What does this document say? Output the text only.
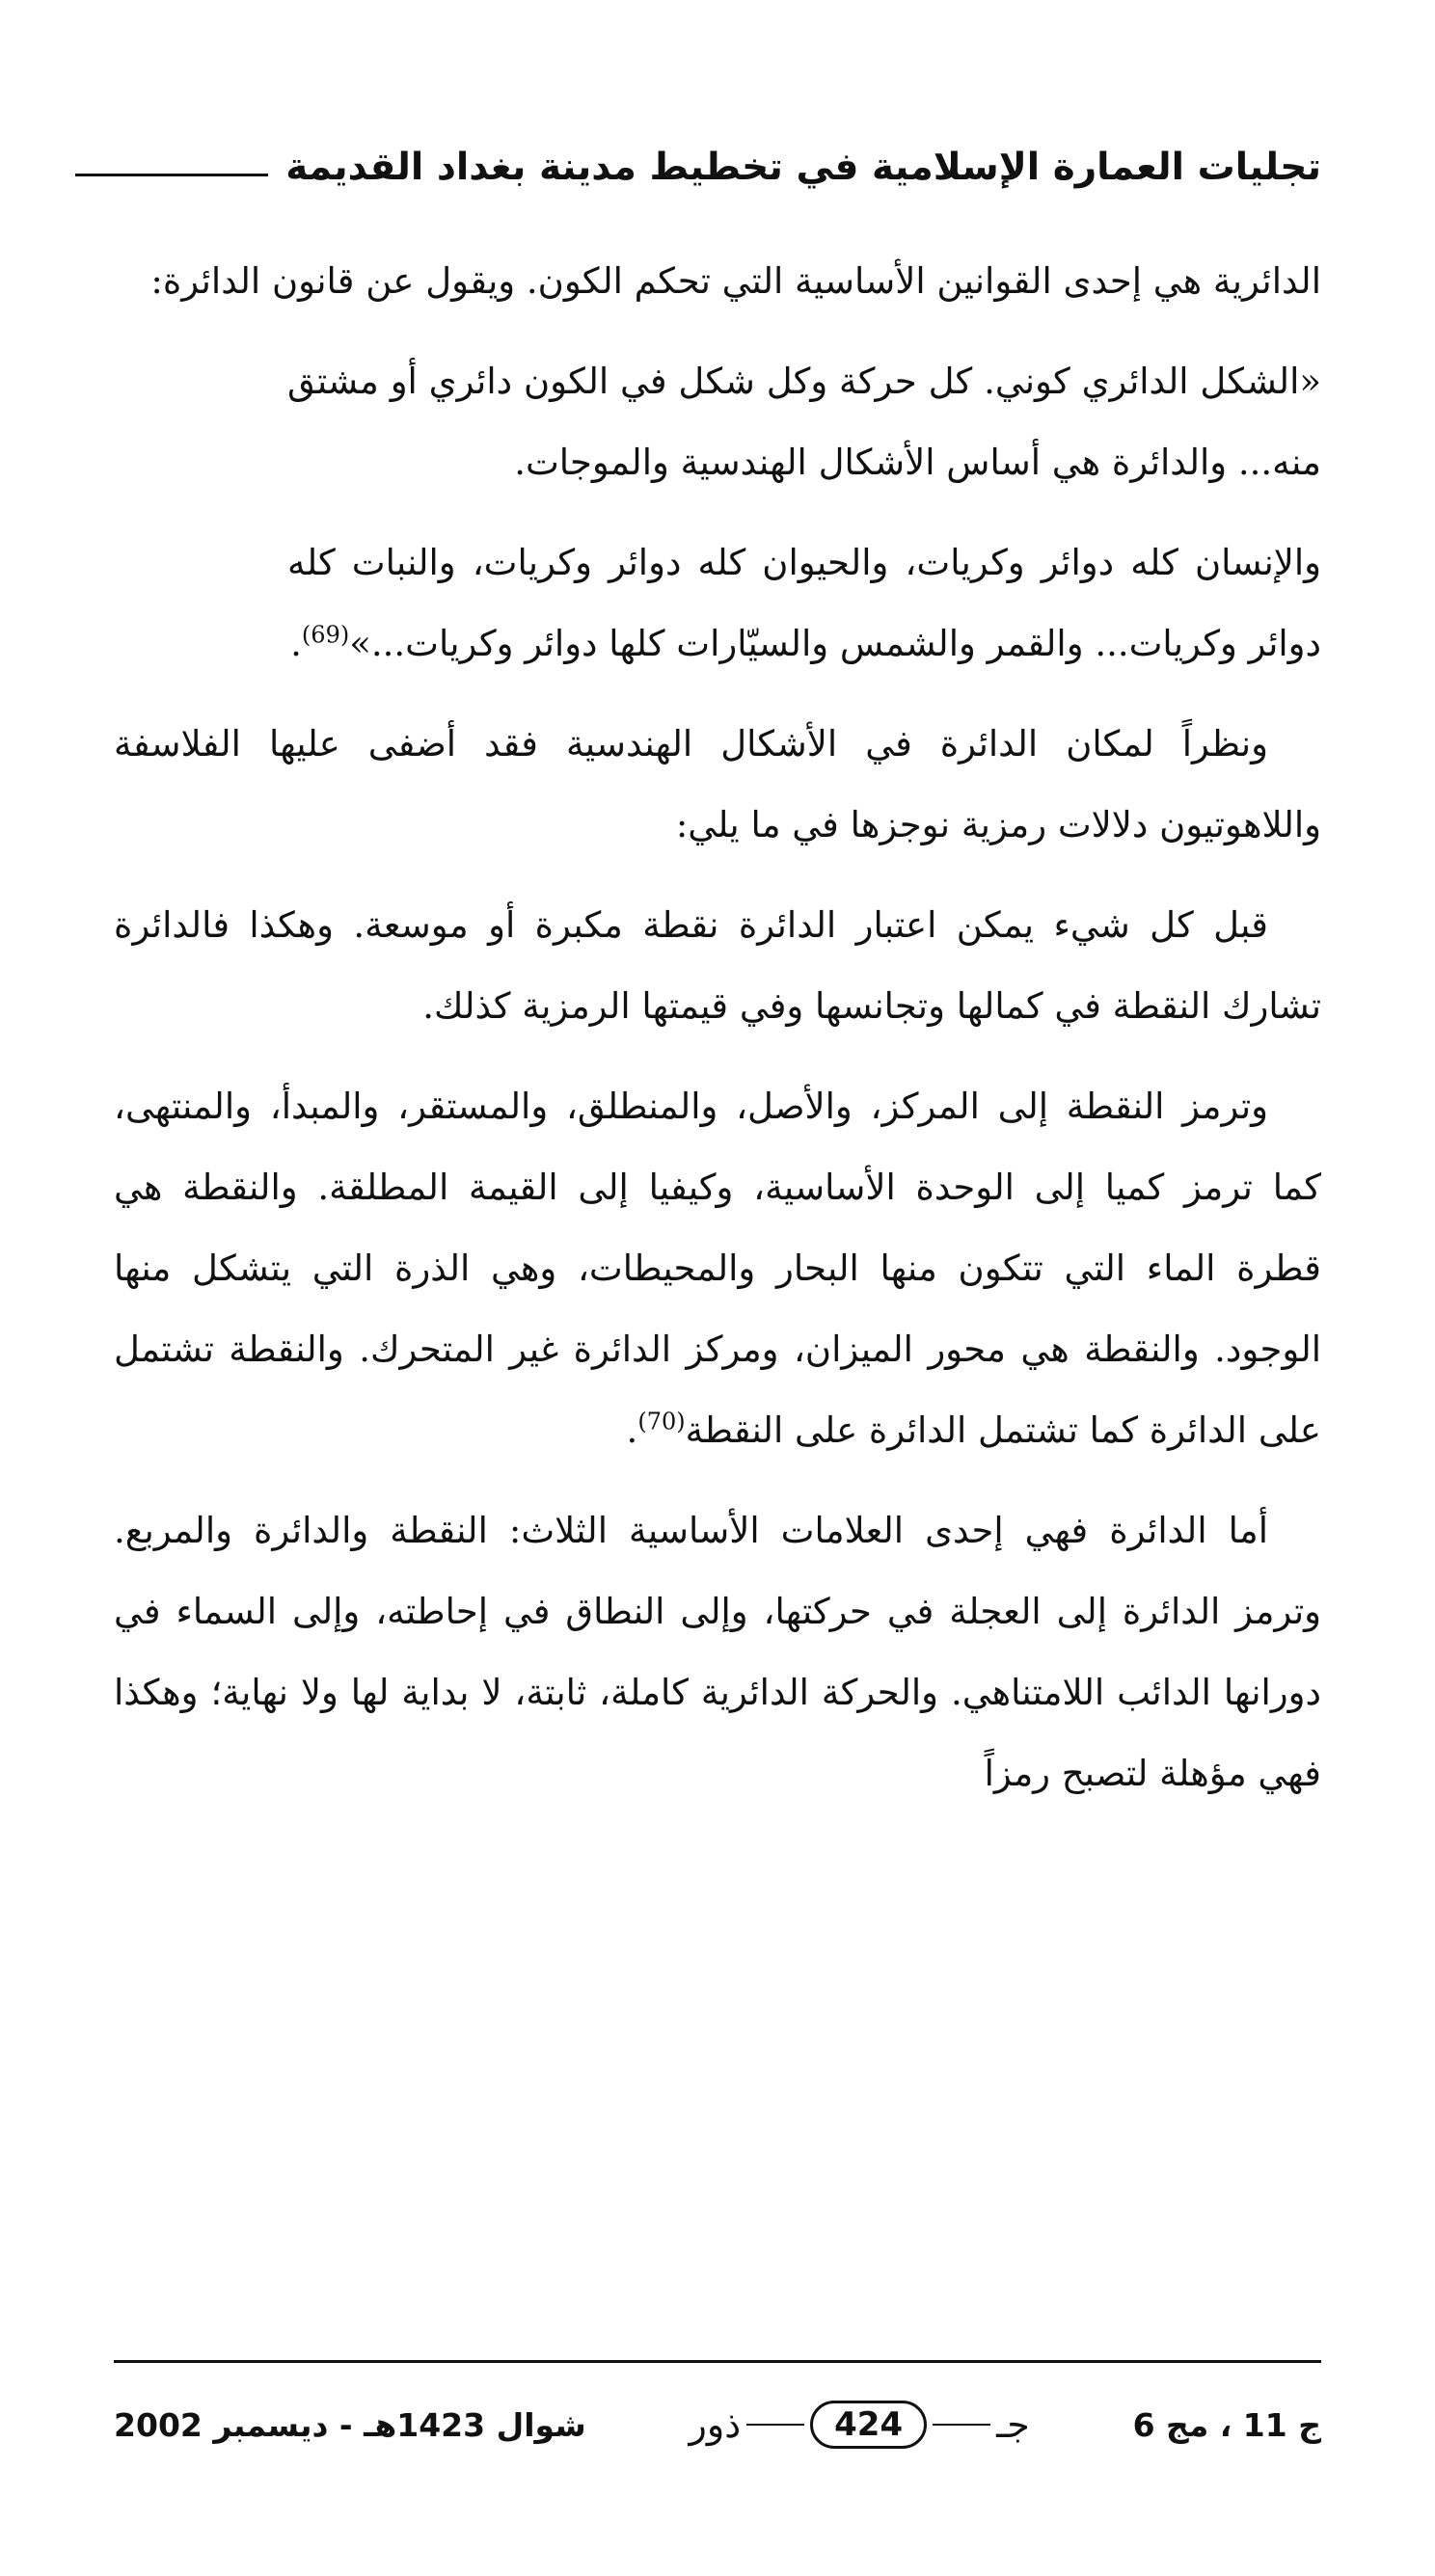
تجليات العمارة الإسلامية في تخطيط مدينة بغداد القديمة

الدائرية هي إحدى القوانين الأساسية التي تحكم الكون. ويقول عن قانون الدائرة:

«الشكل الدائري كوني. كل حركة وكل شكل في الكون دائري أو مشتق منه... والدائرة هي أساس الأشكال الهندسية والموجات.

والإنسان كله دوائر وكريات، والحيوان كله دوائر وكريات، والنبات كله دوائر وكريات... والقمر والشمس والسيّارات كلها دوائر وكريات...»$^{(69)}$.

ونظراً لمكان الدائرة في الأشكال الهندسية فقد أضفى عليها الفلاسفة واللاهوتيون دلالات رمزية نوجزها في ما يلي:

قبل كل شيء يمكن اعتبار الدائرة نقطة مكبرة أو موسعة. وهكذا فالدائرة تشارك النقطة في كمالها وتجانسها وفي قيمتها الرمزية كذلك.

وترمز النقطة إلى المركز، والأصل، والمنطلق، والمستقر، والمبدأ، والمنتهى، كما ترمز كميا إلى الوحدة الأساسية، وكيفيا إلى القيمة المطلقة. والنقطة هي قطرة الماء التي تتكون منها البحار والمحيطات، وهي الذرة التي يتشكل منها الوجود. والنقطة هي محور الميزان، ومركز الدائرة غير المتحرك. والنقطة تشتمل على الدائرة كما تشتمل الدائرة على النقطة$^{(70)}$.

أما الدائرة فهي إحدى العلامات الأساسية الثلاث: النقطة والدائرة والمربع. وترمز الدائرة إلى العجلة في حركتها، وإلى النطاق في إحاطته، وإلى السماء في دورانها الدائب اللامتناهي. والحركة الدائرية كاملة، ثابتة، لا بداية لها ولا نهاية؛ وهكذا فهي مؤهلة لتصبح رمزاً

ج 11 ، مج 6
جـ
424
ذور
شوال 1423هـ - ديسمبر 2002
